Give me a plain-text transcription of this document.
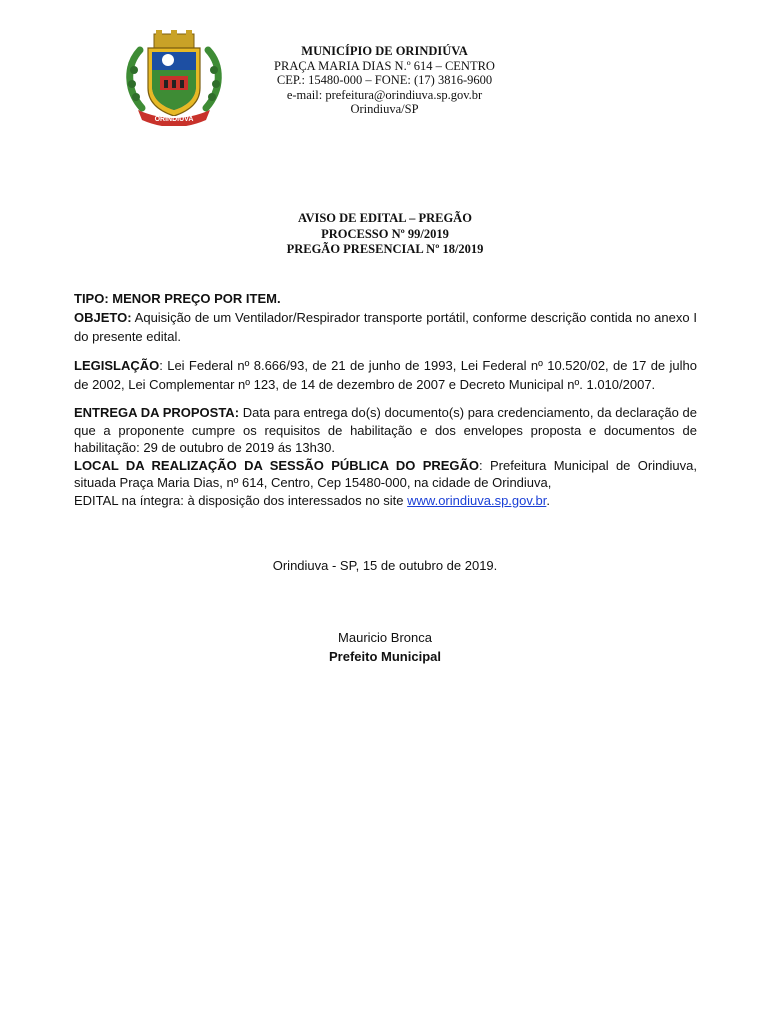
ORINDIÚVA
MUNICÍPIO DE ORINDIÚVA
PRAÇA MARIA DIAS N.º 614 – CENTRO
CEP.: 15480-000 – FONE: (17) 3816-9600
e-mail: prefeitura@orindiuva.sp.gov.br
Orindiuva/SP
AVISO DE EDITAL – PREGÃO
PROCESSO Nº 99/2019
PREGÃO PRESENCIAL Nº 18/2019

TIPO: MENOR PREÇO POR ITEM.

OBJETO: Aquisição de um Ventilador/Respirador transporte portátil, conforme descrição contida no anexo I do presente edital.

LEGISLAÇÃO: Lei Federal nº 8.666/93, de 21 de junho de 1993, Lei Federal nº 10.520/02, de 17 de julho de 2002, Lei Complementar nº 123, de 14 de dezembro de 2007 e Decreto Municipal nº. 1.010/2007.

ENTREGA DA PROPOSTA: Data para entrega do(s) documento(s) para credenciamento, da declaração de que a proponente cumpre os requisitos de habilitação e dos envelopes proposta e documentos de habilitação: 29 de outubro de 2019 ás 13h30.

LOCAL DA REALIZAÇÃO DA SESSÃO PÚBLICA DO PREGÃO: Prefeitura Municipal de Orindiuva, situada Praça Maria Dias, nº 614, Centro, Cep 15480-000, na cidade de Orindiuva,

EDITAL na íntegra: à disposição dos interessados no site www.orindiuva.sp.gov.br.

Orindiuva - SP, 15 de outubro de 2019.
Mauricio Bronca
Prefeito Municipal
